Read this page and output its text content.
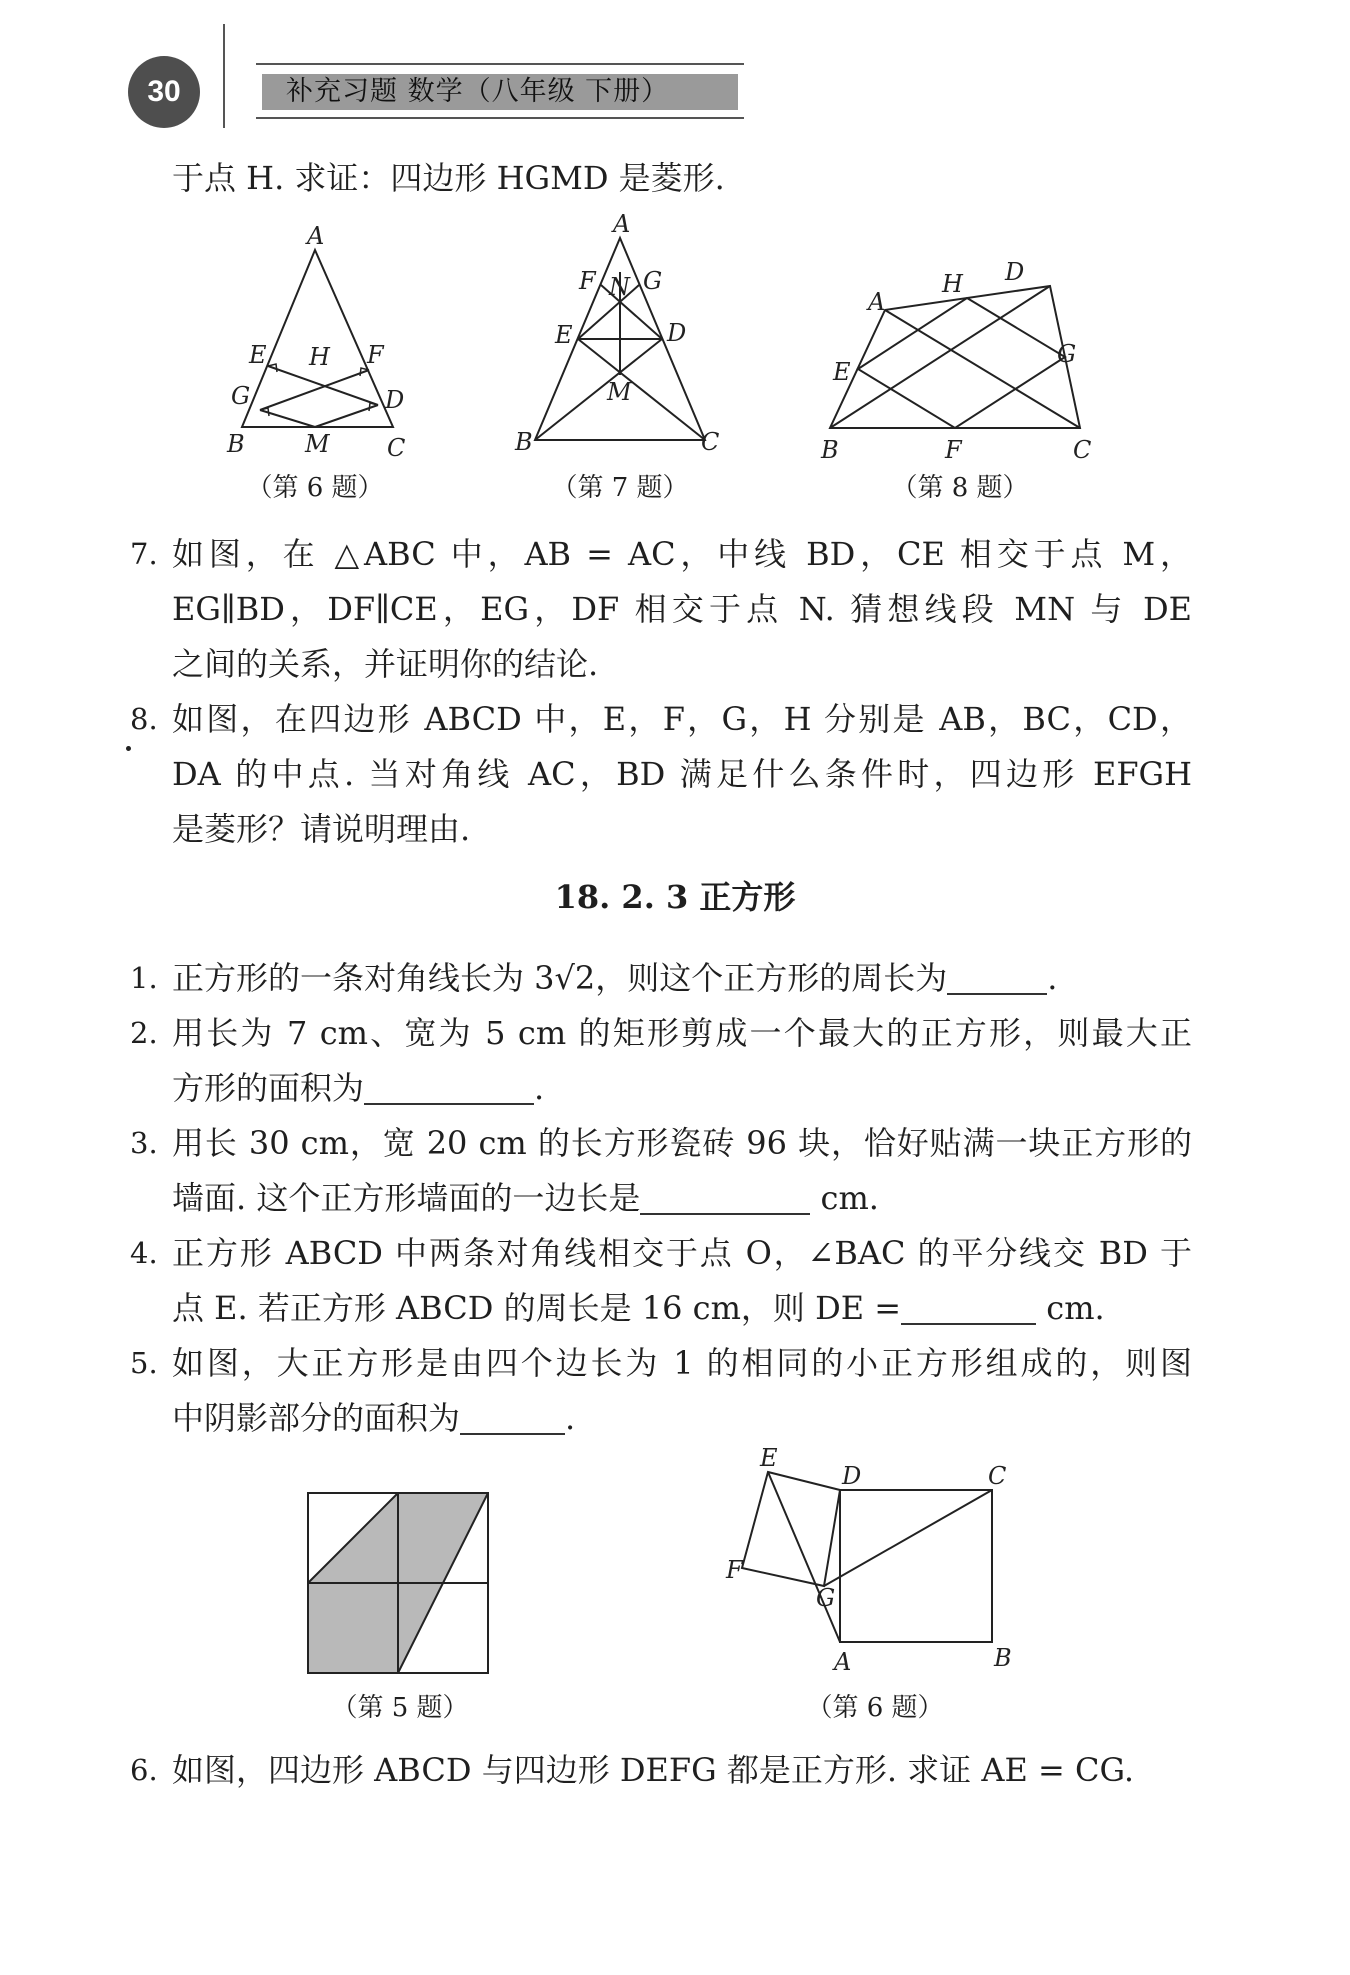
30	补充习题 数学（八年级 下册）
于点 H. 求证：四边形 HGMD 是菱形.
A
E H F
G	D
B	M C
（第 6 题）
A
F N G
E	D
M
B	C
（第 7 题）
H D
A
G
E
B	F	C
（第 8 题）
7. 如图，在 △ABC 中，AB = AC，中线 BD，CE 相交于点 M，
EG∥BD，DF∥CE，EG，DF 相交于点 N. 猜想线段 MN 与 DE
之间的关系，并证明你的结论.
8. 如图，在四边形 ABCD 中，E，F，G，H 分别是 AB，BC，CD，
DA 的中点. 当对角线 AC，BD 满足什么条件时，四边形 EFGH
是菱形？请说明理由.
18. 2. 3 正方形
1. 正方形的一条对角线长为 3√2，则这个正方形的周长为	.
2. 用长为 7 cm、宽为 5 cm 的矩形剪成一个最大的正方形，则最大正
方形的面积为	.
3. 用长 30 cm，宽 20 cm 的长方形瓷砖 96 块，恰好贴满一块正方形的
墙面. 这个正方形墙面的一边长是	cm.
4. 正方形 ABCD 中两条对角线相交于点 O，∠BAC 的平分线交 BD 于
点 E. 若正方形 ABCD 的周长是 16 cm，则 DE =	cm.
5. 如图，大正方形是由四个边长为 1 的相同的小正方形组成的，则图
中阴影部分的面积为	.
（第 5 题）
E
D	C
F
G
A	B
（第 6 题）
6. 如图，四边形 ABCD 与四边形 DEFG 都是正方形. 求证 AE = CG.
